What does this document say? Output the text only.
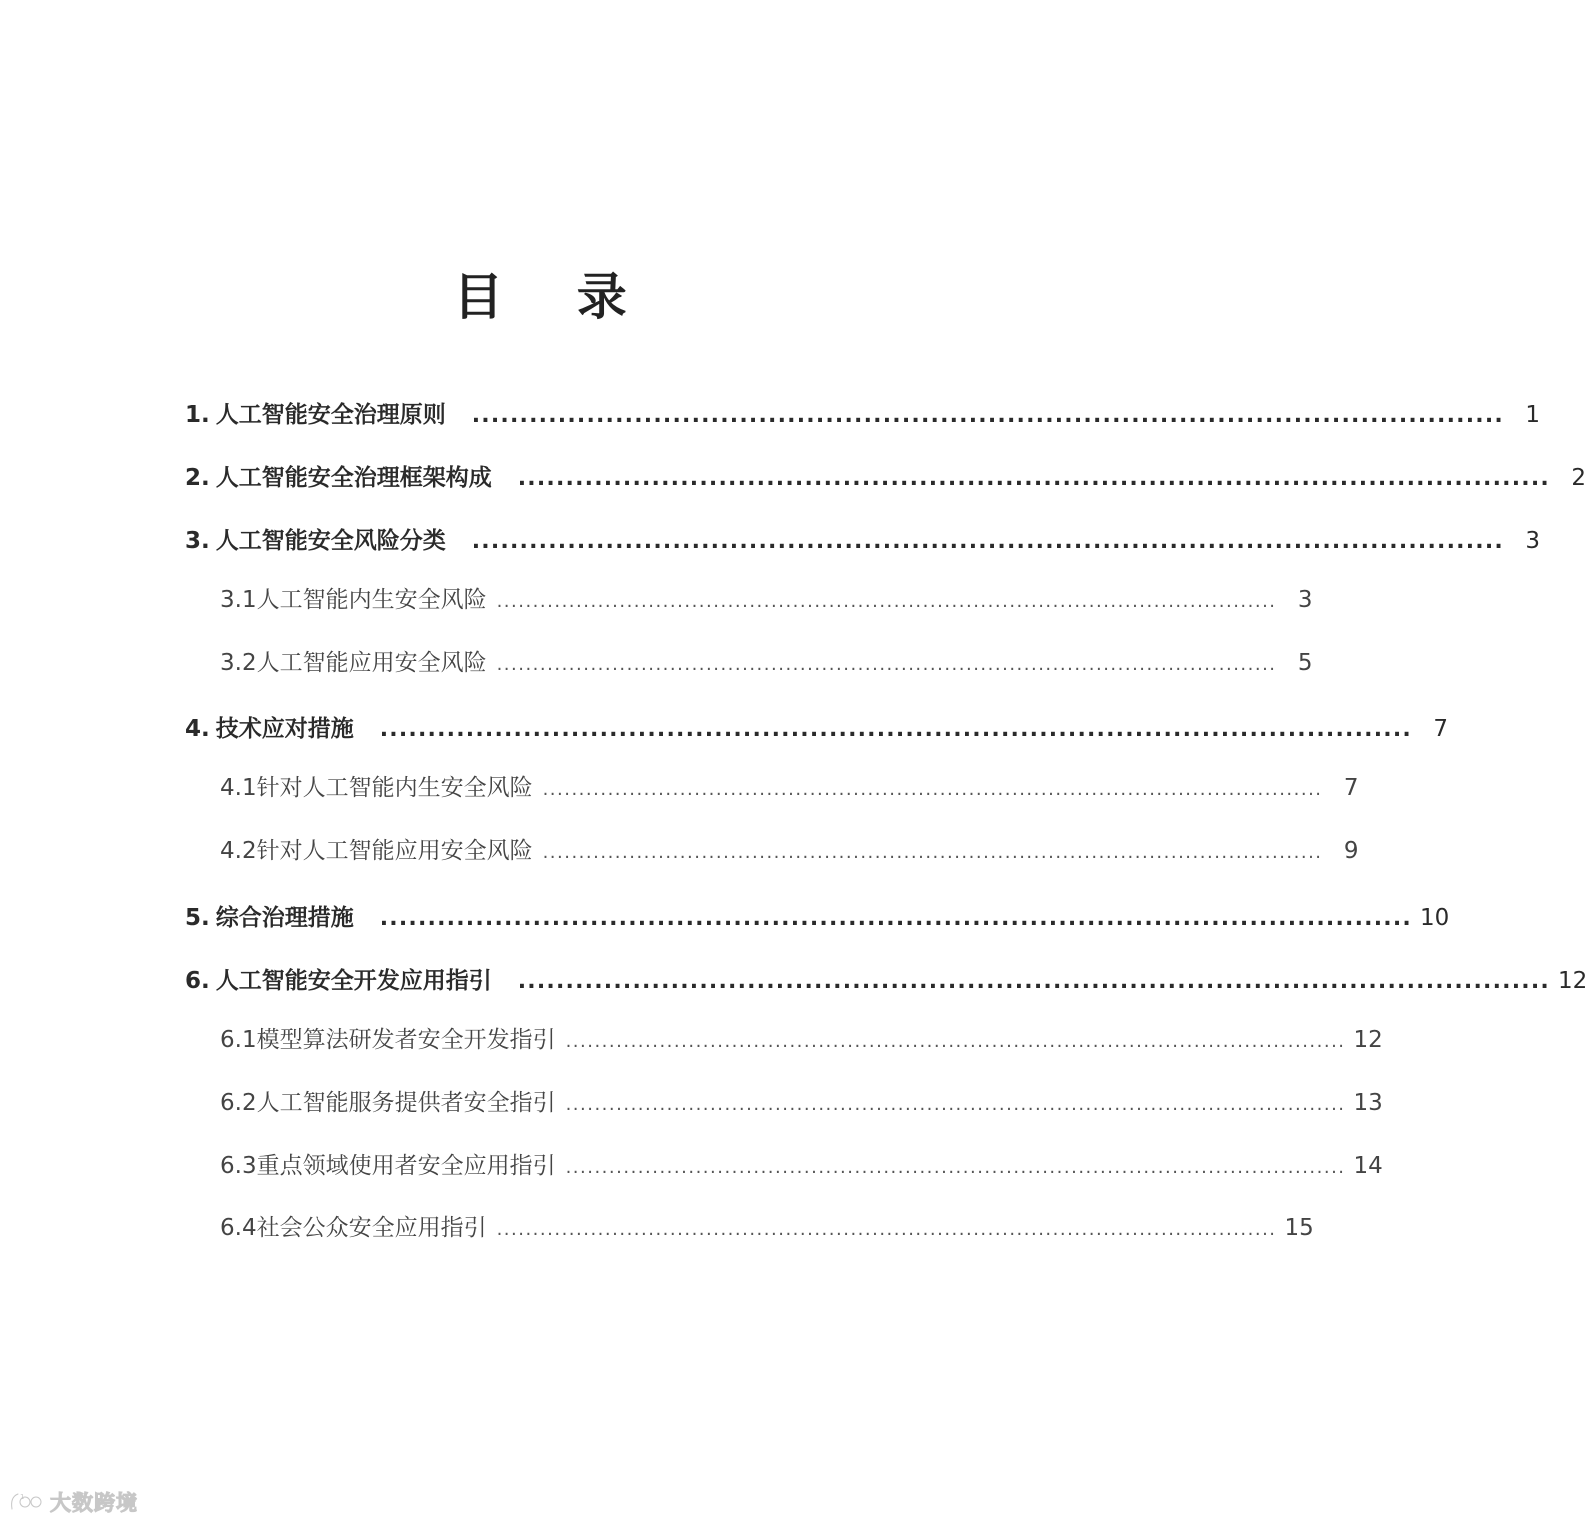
目 录
1. 人工智能安全治理原则 ............................................................................................................ 1
2. 人工智能安全治理框架构成 ............................................................................................................ 2
3. 人工智能安全风险分类 ............................................................................................................ 3
3.1 人工智能内生安全风险 ............................................................................................................ 3
3.2 人工智能应用安全风险 ............................................................................................................ 5
4. 技术应对措施 ............................................................................................................ 7
4.1 针对人工智能内生安全风险 ............................................................................................................ 7
4.2 针对人工智能应用安全风险 ............................................................................................................ 9
5. 综合治理措施 ............................................................................................................ 10
6. 人工智能安全开发应用指引 ............................................................................................................ 12
6.1 模型算法研发者安全开发指引 ............................................................................................................ 12
6.2 人工智能服务提供者安全指引 ............................................................................................................ 13
6.3 重点领域使用者安全应用指引 ............................................................................................................ 14
6.4 社会公众安全应用指引 ............................................................................................................ 15
1 大数跨境
